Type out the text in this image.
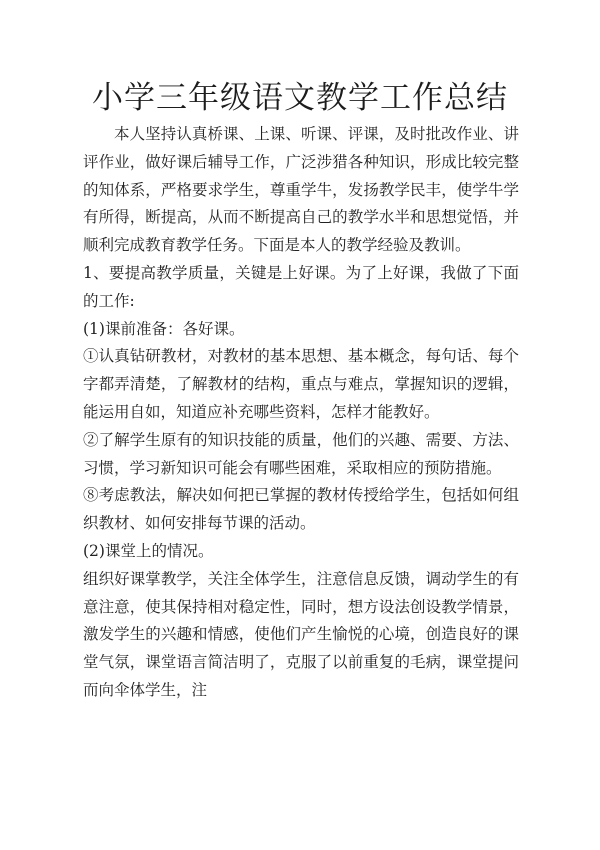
小学三年级语文教学工作总结

本人坚持认真桥课、上课、听课、评课，及时批改作业、讲评作业，做好课后辅导工作，广泛涉猎各种知识，形成比较完整的知体系，严格要求学生，尊重学牛，发扬教学民丰，使学牛学有所得，断提高，从而不断提高自己的教学水半和思想觉悟，并顺利完成教育教学任务。下面是本人的教学经验及教训。

1、要提高教学质量，关键是上好课。为了上好课，我做了下面的工作:

(1)课前准备：各好课。

①认真钻研教材，对教材的基本思想、基本概念，每句话、每个字都弄清楚，了解教材的结构，重点与难点，掌握知识的逻辑，能运用自如，知道应补充哪些资料，怎样才能教好。

②了解学生原有的知识技能的质量，他们的兴趣、需要、方法、习惯，学习新知识可能会有哪些困难，采取相应的预防措施。

⑧考虑教法，解决如何把已掌握的教材传授给学生，包括如何组织教材、如何安排每节课的活动。

(2)课堂上的情况。

组织好课掌教学，关注全体学生，注意信息反馈，调动学生的有意注意，使其保持相对稳定性，同时，想方设法创设教学情景，激发学生的兴趣和情感，使他们产生愉悦的心境，创造良好的课堂气氛，课堂语言简洁明了，克服了以前重复的毛病，课堂提问而向伞体学生，注
